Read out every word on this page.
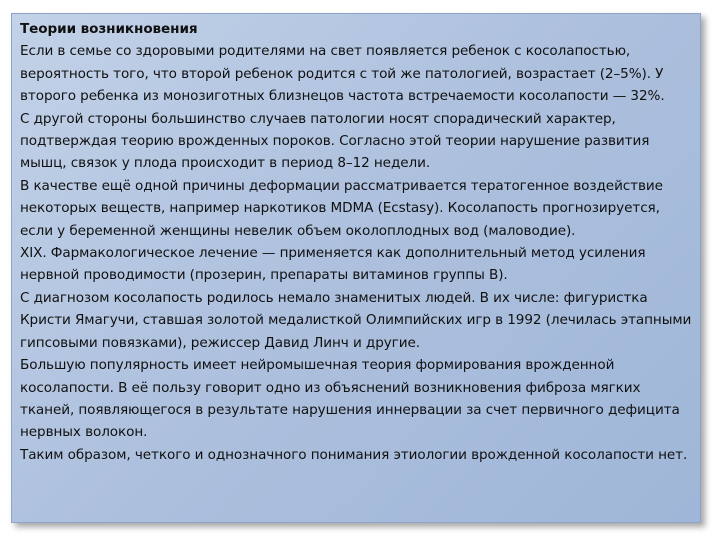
Теории возникновения

Если в семье со здоровыми родителями на свет появляется ребенок с косолапостью, вероятность того, что второй ребенок родится с той же патологией, возрастает (2–5%). У второго ребенка из монозиготных близнецов частота встречаемости косолапости — 32%.

С другой стороны большинство случаев патологии носят спорадический характер, подтверждая теорию врожденных пороков. Согласно этой теории нарушение развития мышц, связок у плода происходит в период 8–12 недели.

В качестве ещё одной причины деформации рассматривается тератогенное воздействие некоторых веществ, например наркотиков MDMA (Ecstasy). Косолапость прогнозируется, если у беременной женщины невелик объем околоплодных вод (маловодие).

XIX. Фармакологическое лечение — применяется как дополнительный метод усиления нервной проводимости (прозерин, препараты витаминов группы B).

С диагнозом косолапость родилось немало знаменитых людей. В их числе: фигуристка Кристи Ямагучи, ставшая золотой медалисткой Олимпийских игр в 1992 (лечилась этапными гипсовыми повязками), режиссер Давид Линч и другие.

Большую популярность имеет нейромышечная теория формирования врожденной косолапости. В её пользу говорит одно из объяснений возникновения фиброза мягких тканей, появляющегося в результате нарушения иннервации за счет первичного дефицита нервных волокон.

Таким образом, четкого и однозначного понимания этиологии врожденной косолапости нет.
